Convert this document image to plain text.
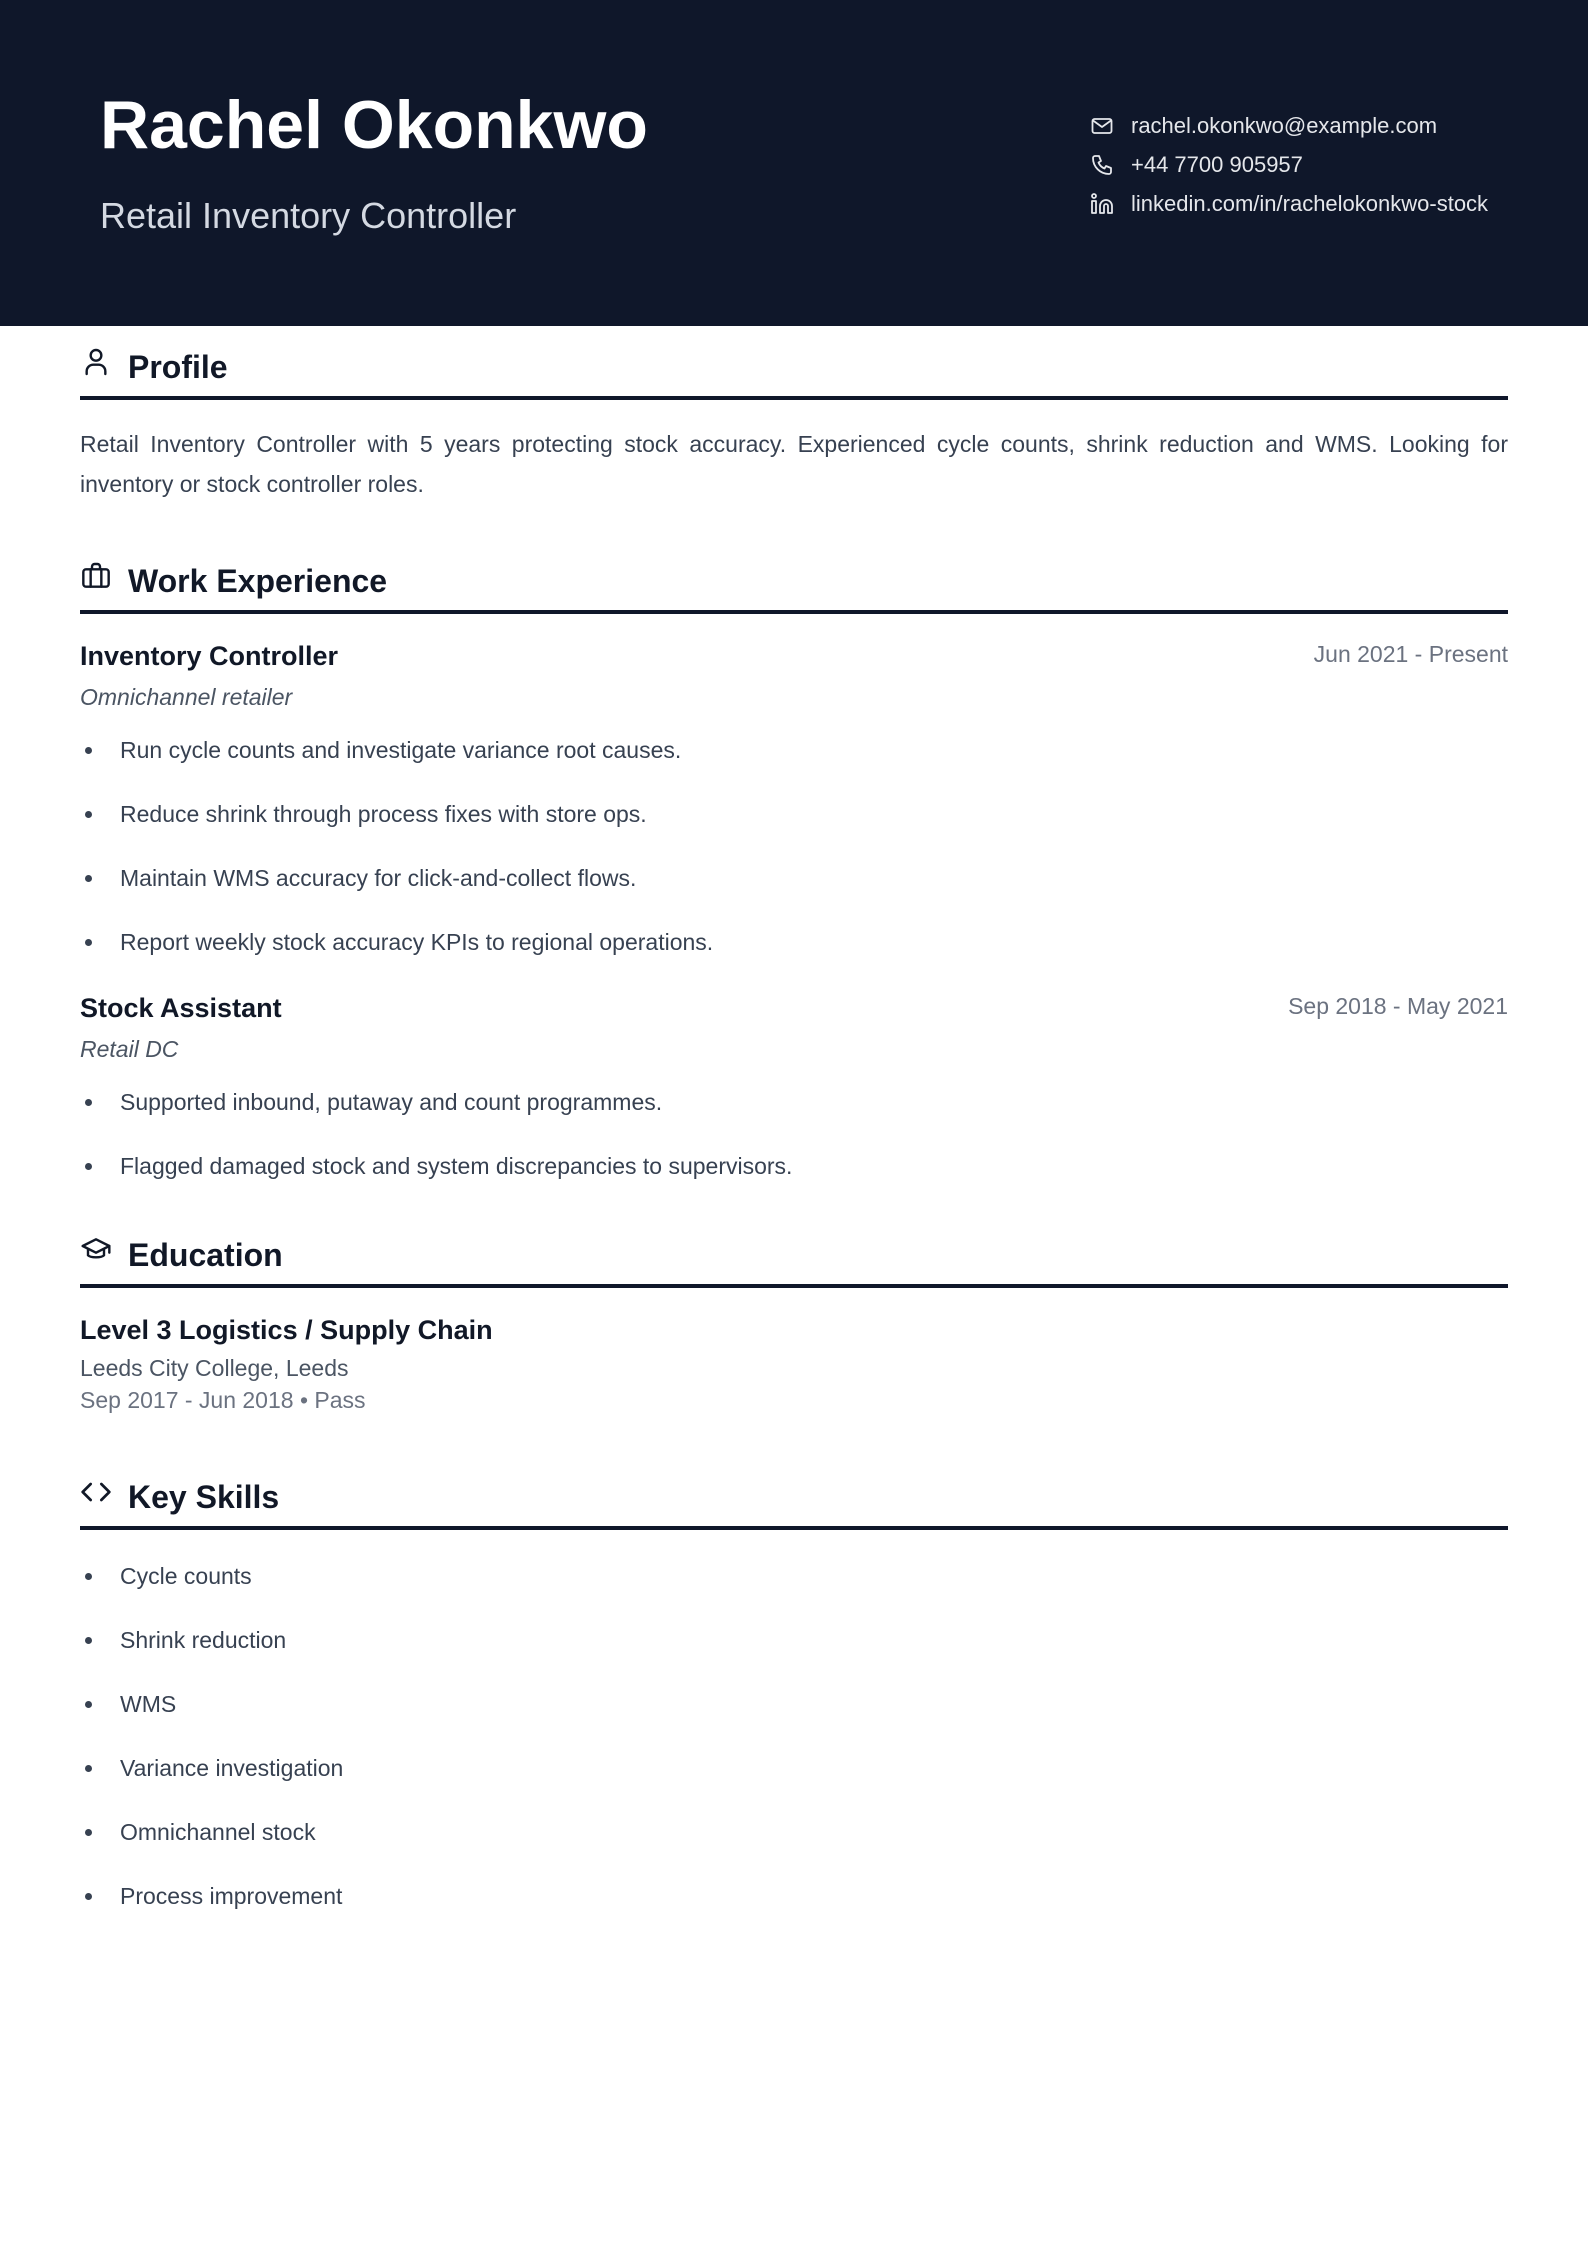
Rachel Okonkwo
Retail Inventory Controller
rachel.okonkwo@example.com
+44 7700 905957
linkedin.com/in/rachelokonkwo-stock
Profile

Retail Inventory Controller with 5 years protecting stock accuracy. Experienced cycle counts, shrink reduction and WMS. Looking for inventory or stock controller roles.

Work Experience
Inventory Controller	Jun 2021 - Present
Omnichannel retailer
Run cycle counts and investigate variance root causes.
Reduce shrink through process fixes with store ops.
Maintain WMS accuracy for click-and-collect flows.
Report weekly stock accuracy KPIs to regional operations.
Stock Assistant	Sep 2018 - May 2021
Retail DC
Supported inbound, putaway and count programmes.
Flagged damaged stock and system discrepancies to supervisors.
Education
Level 3 Logistics / Supply Chain
Leeds City College, Leeds
Sep 2017 - Jun 2018 • Pass
Key Skills
Cycle counts
Shrink reduction
WMS
Variance investigation
Omnichannel stock
Process improvement
